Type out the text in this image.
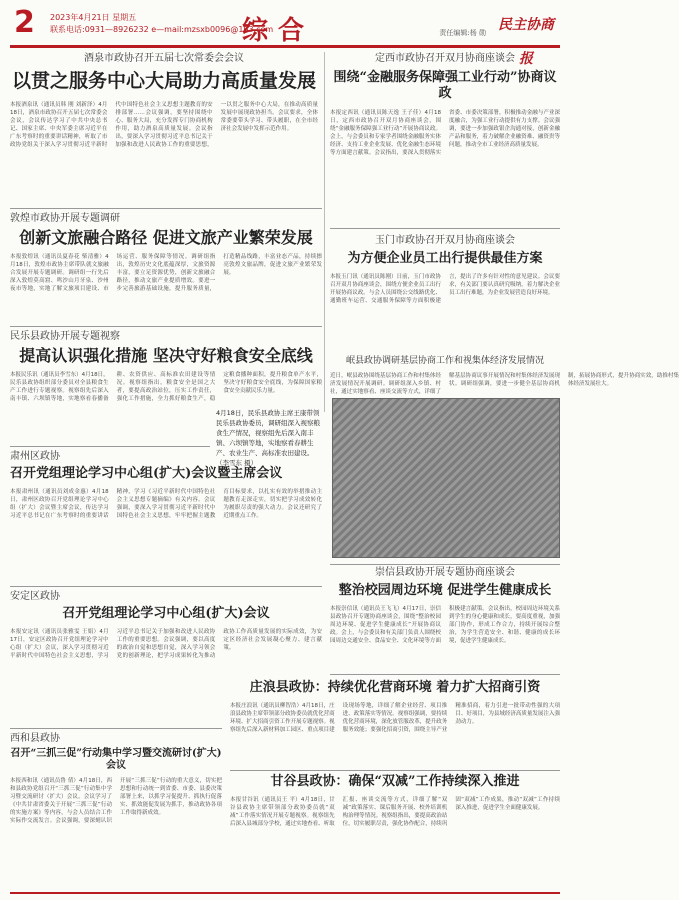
2 2023年4月21日 星期五
联系电话:0931—8926232 e—mail:mzsxb0096@163.com
综合	责任编辑:杨 勋 民主协商报
酒泉市政协召开五届七次常委会会议
以贯之服务中心大局助力高质量发展
本报酒泉讯（通讯员韩 刚 刘新泽）4月18日，酒泉市政协召开五届七次常委会会议，会议传达学习了中共中央总书记、国家主席、中央军委主席习近平在广东考察时的重要讲话精神，听取了市政协党组关于深入学习贯彻习近平新时代中国特色社会主义思想主题教育的安排部署……会议强调，要坚持围绕中心、服务大局，充分发挥专门协商机构作用，助力酒泉高质量发展。会议指出，要深入学习贯彻习近平总书记关于加强和改进人民政协工作的重要思想，一以贯之服务中心大局，在推动高质量发展中展现政协担当。会议要求，全体常委要带头学习、带头履职，在全市经济社会发展中发挥示范作用。
定西市政协召开双月协商座谈会
围绕“金融服务保障强工业行动”协商议政
本报定西讯（通讯员陈天逸 王子佳）4月18日，定西市政协召开双月协商座谈会，围绕“金融服务保障强工业行动”开展协商议政。会上，与会委员和专家学者围绕金融服务实体经济、支持工业企业发展、优化金融生态环境等方面建言献策。会议指出，要深入贯彻落实省委、市委决策部署，积极推动金融与产业深度融合，为强工业行动提供有力支撑。会议强调，要进一步加强政银企沟通对接，创新金融产品和服务，着力破解企业融资难、融资贵等问题，推动全市工业经济高质量发展。
敦煌市政协开展专题调研
创新文旅融合路径 促进文旅产业繁荣发展
本报敦煌讯（通讯员夏春花 柴清雅）4月18日，敦煌市政协主席带队就文旅融合发展开展专题调研。调研组一行先后深入敦煌莫高窟、鸣沙山月牙泉、沙州夜市等地，实地了解文旅项目建设、市场运营、服务保障等情况。调研组指出，敦煌历史文化底蕴深厚，文旅资源丰富，要立足资源优势，创新文旅融合路径，推动文旅产业提质增效。要进一步完善旅游基础设施，提升服务质量，打造精品线路，丰富业态产品，持续擦亮敦煌文旅品牌，促进文旅产业繁荣发展。
玉门市政协召开双月协商座谈会
为方便企业员工出行提供最佳方案
本报玉门讯（通讯员陈刚）日前，玉门市政协召开双月协商座谈会，围绕方便企业员工出行开展协商议政。与会人员围绕公交线路优化、通勤班车运营、交通服务保障等方面积极建言，提出了许多有针对性的意见建议。会议要求，有关部门要认真研究吸纳，着力解决企业员工出行难题，为企业发展营造良好环境。
民乐县政协开展专题视察
提高认识强化措施 坚决守好粮食安全底线
本报民乐讯（通讯员李雪东）4月18日，民乐县政协组织部分委员对全县粮食生产工作进行专题视察。视察组先后深入南丰镇、六坝镇等地，实地察看春播备耕、农资供应、高标准农田建设等情况。视察组指出，粮食安全是国之大者，要提高政治站位，压实工作责任，强化工作措施，全力抓好粮食生产，稳定粮食播种面积，提升粮食单产水平，坚决守好粮食安全底线，为保障国家粮食安全贡献民乐力量。
岷县政协调研基层协商工作和视集体经济发展情况
近日，岷县政协围绕基层协商工作和村集体经济发展情况开展调研。调研组深入乡镇、村社，通过实地察看、座谈交流等方式，详细了解基层协商议事开展情况和村集体经济发展现状。调研组强调，要进一步健全基层协商机制，拓展协商形式，提升协商实效，助推村集体经济发展壮大。
4月18日，民乐县政协主席王康带领民乐县政协委员，调研组深入视察粮食生产情况，视察组先后深入南丰镇、六坝镇等地，实地察看春耕生产、农业生产、高标准农田建设。（李雪东 摄）
肃州区政协
召开党组理论学习中心组(扩大)会议暨主席会议
本报肃州讯（通讯员刘成金惠）4月18日，肃州区政协召开党组理论学习中心组（扩大）会议暨主席会议，传达学习习近平总书记在广东考察时的重要讲话精神，学习《习近平新时代中国特色社会主义思想专题摘编》有关内容。会议强调，要深入学习贯彻习近平新时代中国特色社会主义思想，牢牢把握主题教育目标要求，以扎实有效的举措推动主题教育走深走实，切实把学习成效转化为履职尽责的强大动力。会议还研究了近期重点工作。
崇信县政协开展专题协商座谈会
整治校园周边环境 促进学生健康成长
本报崇信讯（通讯员王飞飞）4月17日，崇信县政协召开专题协商座谈会，围绕“整治校园周边环境、促进学生健康成长”开展协商议政。会上，与会委员和有关部门负责人围绕校园周边交通安全、食品安全、文化环境等方面积极建言献策。会议指出，校园周边环境关系到学生的身心健康和成长，要高度重视，加强部门协作，形成工作合力，持续开展综合整治，为学生营造安全、和谐、健康的成长环境，促进学生健康成长。
安定区政协
召开党组理论学习中心组(扩大)会议
本报安定讯（通讯员张雅雯 王娟）4月17日，安定区政协召开党组理论学习中心组（扩大）会议，深入学习贯彻习近平新时代中国特色社会主义思想，学习习近平总书记关于加强和改进人民政协工作的重要思想。会议强调，要以高度的政治自觉和思想自觉，深入学习领会党的创新理论，把学习成果转化为推动政协工作高质量发展的实际成效，为安定区经济社会发展凝心聚力、建言献策。
庄浪县政协：持续优化营商环境 着力扩大招商引资
本报庄浪讯（通讯员柳智浩）4月18日，庄浪县政协主席带领部分政协委员就优化营商环境、扩大招商引资工作开展专题视察。视察组先后深入新材料加工园区、重点项目建设现场等地，详细了解企业经营、项目推进、政策落实等情况。视察组强调，要持续优化营商环境，深化放管服改革，提升政务服务效能；要强化招商引资，围绕主导产业精准招商，着力引进一批带动性强的大项目、好项目，为县域经济高质量发展注入强劲动力。
西和县政协
召开“三抓三促”行动集中学习暨交流研讨(扩大)会议
本报西和讯（通讯员鲁 倩）4月18日，西和县政协党组召开“三抓三促”行动集中学习暨交流研讨（扩大）会议。会议学习了《中共甘肃省委关于开展“三抓三促”行动的实施方案》等内容，与会人员结合工作实际作交流发言。会议强调，要深刻认识开展“三抓三促”行动的重大意义，切实把思想和行动统一到省委、市委、县委决策部署上来，以抓学习促提升、抓执行促落实、抓效能促发展为抓手，推动政协各项工作取得新成效。
甘谷县政协：确保“双减”工作持续深入推进
本报甘谷讯（通讯员王 平）4月18日，甘谷县政协主席带领部分政协委员就“双减”工作落实情况开展专题视察。视察组先后深入县城部分学校，通过实地查看、听取汇报、座谈交流等方式，详细了解“双减”政策落实、课后服务开展、校外培训机构治理等情况。视察组指出，要提高政治站位，切实履职尽责，强化协作配合，持续巩固“双减”工作成果，推动“双减”工作持续深入推进，促进学生全面健康发展。
